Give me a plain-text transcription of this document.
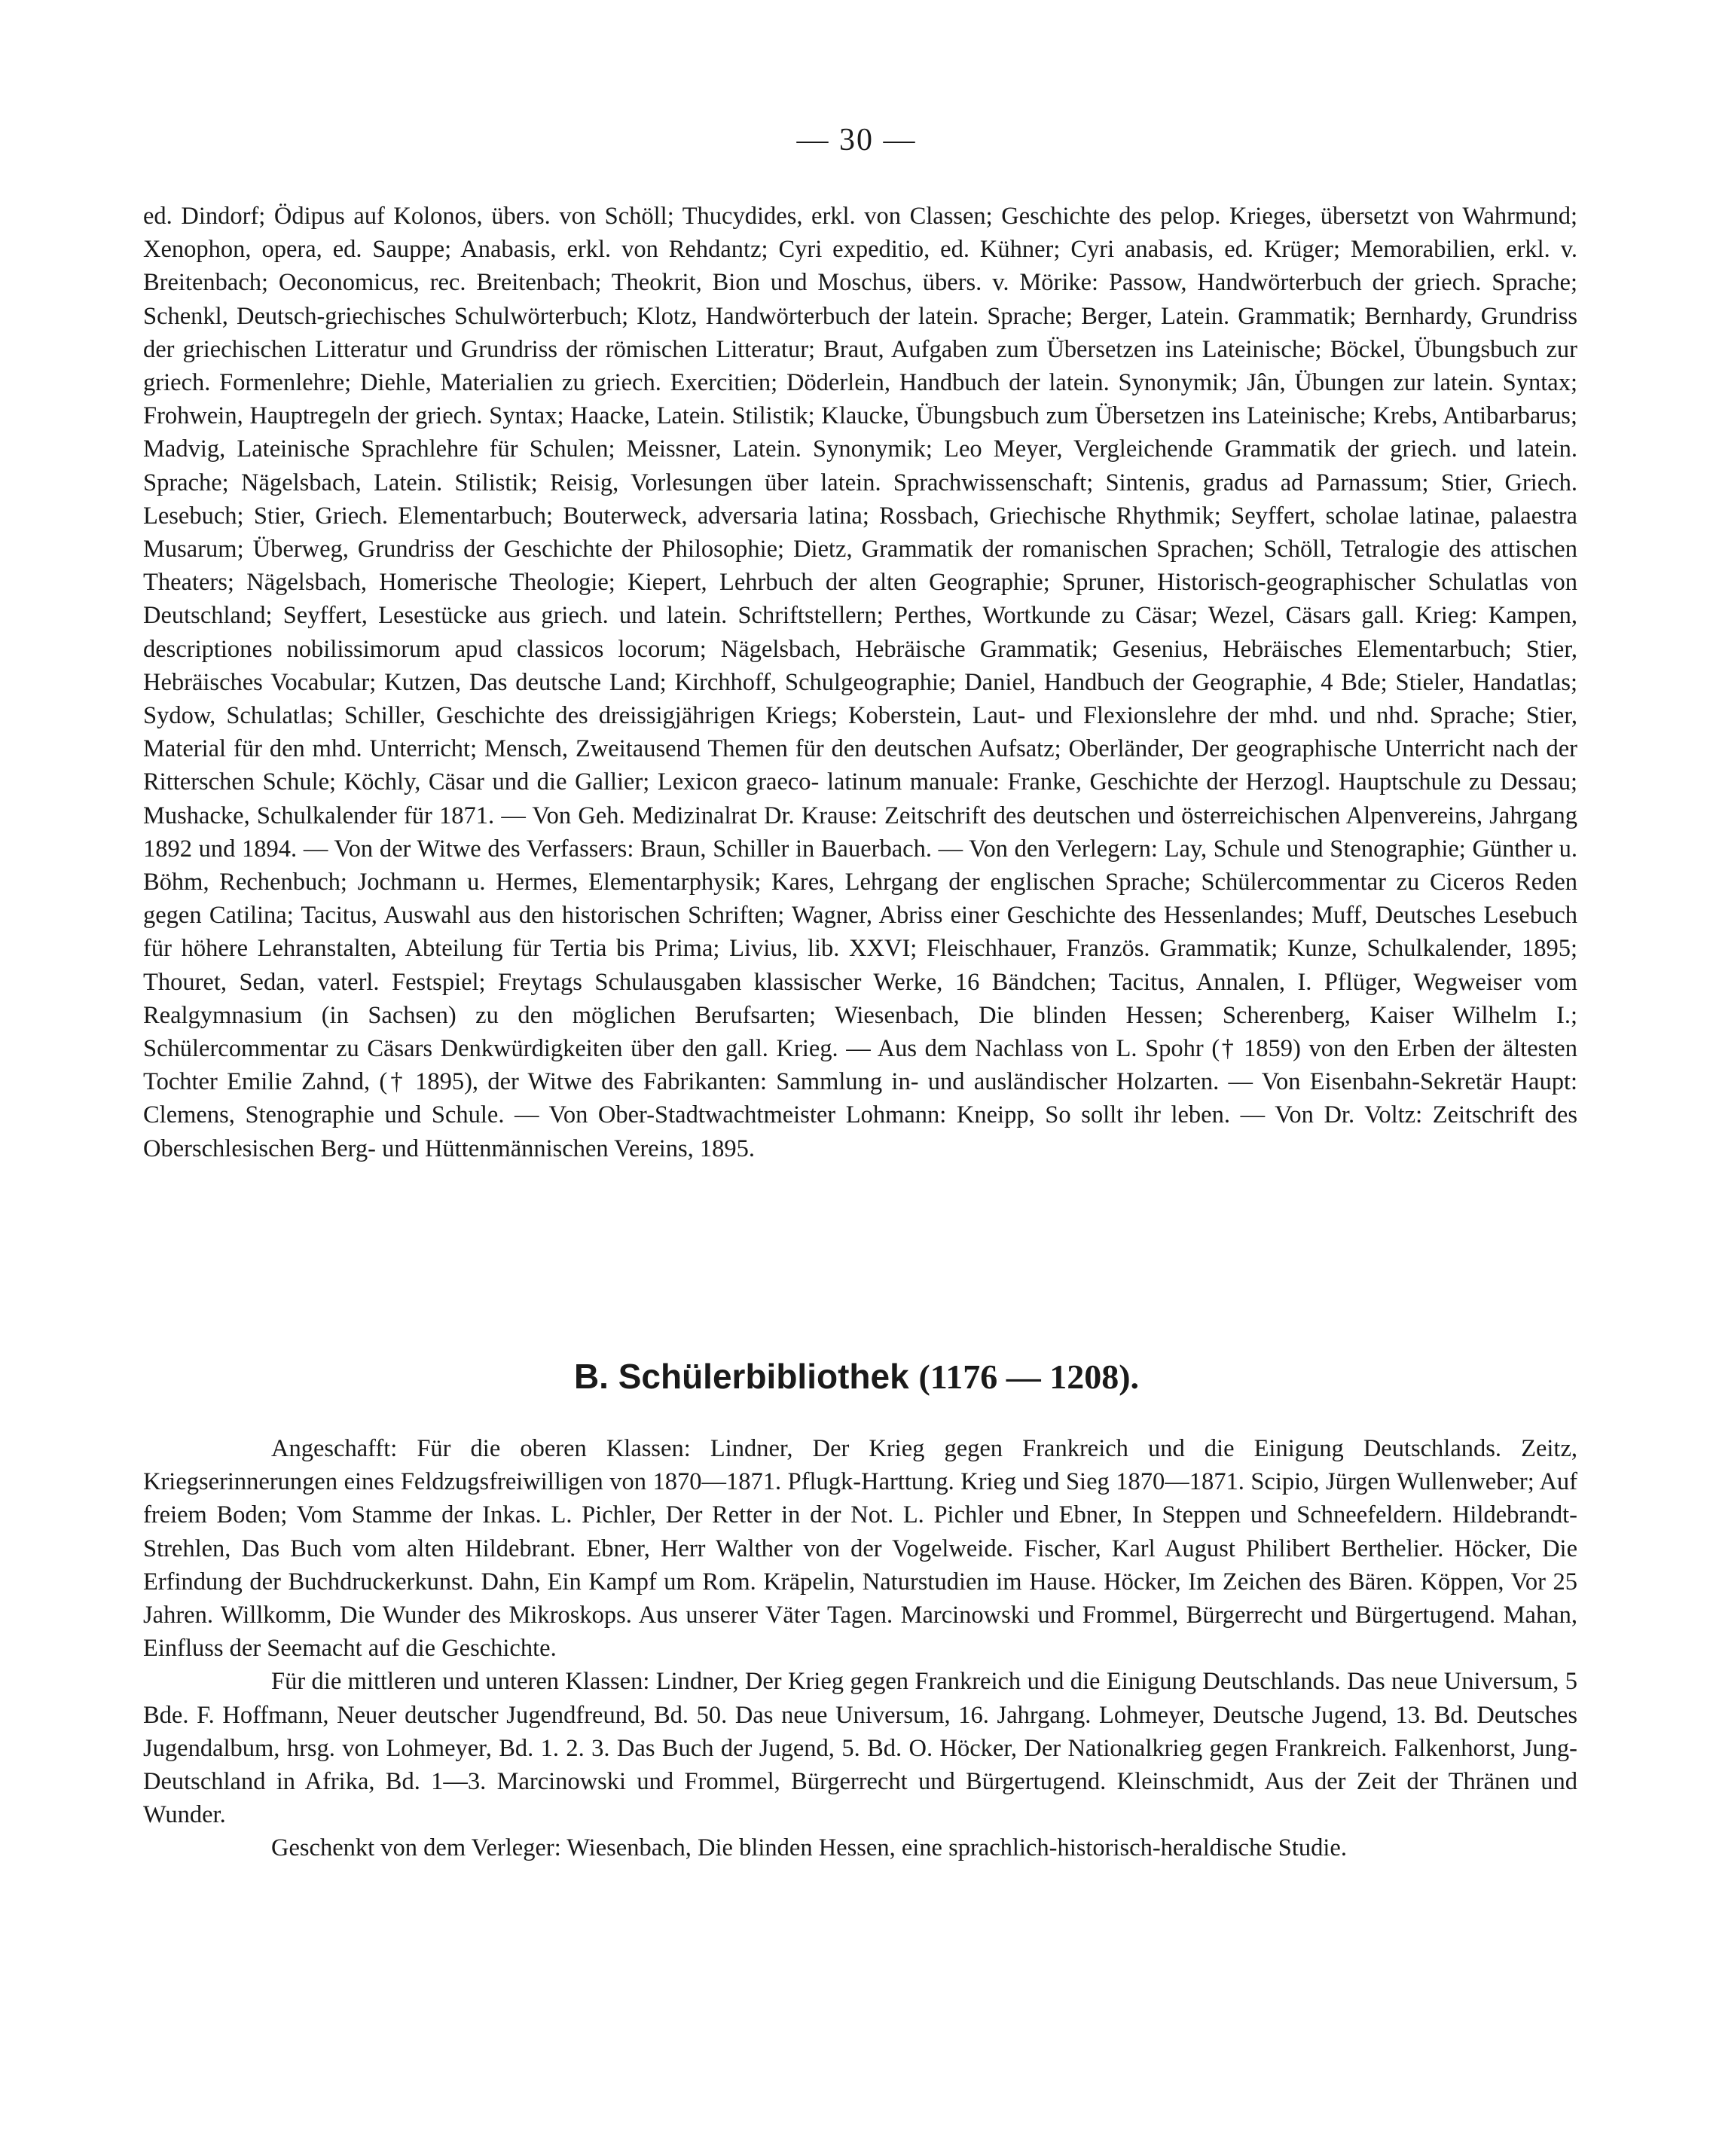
— 30 —

ed. Dindorf; Ödipus auf Kolonos, übers. von Schöll; Thucydides, erkl. von Classen; Geschichte des pelop. Krieges, übersetzt von Wahrmund; Xenophon, opera, ed. Sauppe; Anabasis, erkl. von Rehdantz; Cyri expeditio, ed. Kühner; Cyri anabasis, ed. Krüger; Memorabilien, erkl. v. Breitenbach; Oeconomicus, rec. Breitenbach; Theokrit, Bion und Moschus, übers. v. Mörike: Passow, Handwörterbuch der griech. Sprache; Schenkl, Deutsch-griechisches Schulwörterbuch; Klotz, Handwörterbuch der latein. Sprache; Berger, Latein. Grammatik; Bernhardy, Grundriss der griechischen Litteratur und Grundriss der römischen Litteratur; Braut, Aufgaben zum Übersetzen ins Lateinische; Böckel, Übungsbuch zur griech. Formenlehre; Diehle, Materialien zu griech. Exercitien; Döderlein, Handbuch der latein. Synonymik; Jân, Übungen zur latein. Syntax; Frohwein, Hauptregeln der griech. Syntax; Haacke, Latein. Stilistik; Klaucke, Übungsbuch zum Übersetzen ins Lateinische; Krebs, Antibarbarus; Madvig, Lateinische Sprachlehre für Schulen; Meissner, Latein. Synonymik; Leo Meyer, Vergleichende Grammatik der griech. und latein. Sprache; Nägelsbach, Latein. Stilistik; Reisig, Vorlesungen über latein. Sprachwissenschaft; Sintenis, gradus ad Parnassum; Stier, Griech. Lesebuch; Stier, Griech. Elementarbuch; Bouterweck, adversaria latina; Rossbach, Griechische Rhythmik; Seyffert, scholae latinae, palaestra Musarum; Überweg, Grundriss der Geschichte der Philosophie; Dietz, Grammatik der romanischen Sprachen; Schöll, Tetralogie des attischen Theaters; Nägelsbach, Homerische Theologie; Kiepert, Lehrbuch der alten Geographie; Spruner, Historisch-geographischer Schulatlas von Deutschland; Seyffert, Lesestücke aus griech. und latein. Schriftstellern; Perthes, Wortkunde zu Cäsar; Wezel, Cäsars gall. Krieg: Kampen, descriptiones nobilissimorum apud classicos locorum; Nägelsbach, Hebräische Grammatik; Gesenius, Hebräisches Elementarbuch; Stier, Hebräisches Vocabular; Kutzen, Das deutsche Land; Kirchhoff, Schulgeographie; Daniel, Handbuch der Geographie, 4 Bde; Stieler, Handatlas; Sydow, Schulatlas; Schiller, Geschichte des dreissigjährigen Kriegs; Koberstein, Laut- und Flexionslehre der mhd. und nhd. Sprache; Stier, Material für den mhd. Unterricht; Mensch, Zweitausend Themen für den deutschen Aufsatz; Oberländer, Der geographische Unterricht nach der Ritterschen Schule; Köchly, Cäsar und die Gallier; Lexicon graeco- latinum manuale: Franke, Geschichte der Herzogl. Hauptschule zu Dessau; Mushacke, Schulkalender für 1871. — Von Geh. Medizinalrat Dr. Krause: Zeitschrift des deutschen und österreichischen Alpenvereins, Jahrgang 1892 und 1894. — Von der Witwe des Verfassers: Braun, Schiller in Bauerbach. — Von den Verlegern: Lay, Schule und Stenographie; Günther u. Böhm, Rechenbuch; Jochmann u. Hermes, Elementarphysik; Kares, Lehrgang der englischen Sprache; Schülercommentar zu Ciceros Reden gegen Catilina; Tacitus, Auswahl aus den historischen Schriften; Wagner, Abriss einer Geschichte des Hessenlandes; Muff, Deutsches Lesebuch für höhere Lehranstalten, Abteilung für Tertia bis Prima; Livius, lib. XXVI; Fleischhauer, Französ. Grammatik; Kunze, Schulkalender, 1895; Thouret, Sedan, vaterl. Festspiel; Freytags Schulausgaben klassischer Werke, 16 Bändchen; Tacitus, Annalen, I. Pflüger, Wegweiser vom Realgymnasium (in Sachsen) zu den möglichen Berufsarten; Wiesenbach, Die blinden Hessen; Scherenberg, Kaiser Wilhelm I.; Schülercommentar zu Cäsars Denkwürdigkeiten über den gall. Krieg. — Aus dem Nachlass von L. Spohr († 1859) von den Erben der ältesten Tochter Emilie Zahnd, († 1895), der Witwe des Fabrikanten: Sammlung in- und ausländischer Holzarten. — Von Eisenbahn-Sekretär Haupt: Clemens, Stenographie und Schule. — Von Ober-Stadtwachtmeister Lohmann: Kneipp, So sollt ihr leben. — Von Dr. Voltz: Zeitschrift des Oberschlesischen Berg- und Hüttenmännischen Vereins, 1895.

B. Schülerbibliothek (1176 — 1208).

Angeschafft: Für die oberen Klassen: Lindner, Der Krieg gegen Frankreich und die Einigung Deutschlands. Zeitz, Kriegserinnerungen eines Feldzugsfreiwilligen von 1870—1871. Pflugk-Harttung. Krieg und Sieg 1870—1871. Scipio, Jürgen Wullenweber; Auf freiem Boden; Vom Stamme der Inkas. L. Pichler, Der Retter in der Not. L. Pichler und Ebner, In Steppen und Schneefeldern. Hildebrandt-Strehlen, Das Buch vom alten Hildebrant. Ebner, Herr Walther von der Vogelweide. Fischer, Karl August Philibert Berthelier. Höcker, Die Erfindung der Buchdruckerkunst. Dahn, Ein Kampf um Rom. Kräpelin, Naturstudien im Hause. Höcker, Im Zeichen des Bären. Köppen, Vor 25 Jahren. Willkomm, Die Wunder des Mikroskops. Aus unserer Väter Tagen. Marcinowski und Frommel, Bürgerrecht und Bürgertugend. Mahan, Einfluss der Seemacht auf die Geschichte.

Für die mittleren und unteren Klassen: Lindner, Der Krieg gegen Frankreich und die Einigung Deutschlands. Das neue Universum, 5 Bde. F. Hoffmann, Neuer deutscher Jugendfreund, Bd. 50. Das neue Universum, 16. Jahrgang. Lohmeyer, Deutsche Jugend, 13. Bd. Deutsches Jugendalbum, hrsg. von Lohmeyer, Bd. 1. 2. 3. Das Buch der Jugend, 5. Bd. O. Höcker, Der Nationalkrieg gegen Frankreich. Falkenhorst, Jung-Deutschland in Afrika, Bd. 1—3. Marcinowski und Frommel, Bürgerrecht und Bürgertugend. Kleinschmidt, Aus der Zeit der Thränen und Wunder.

Geschenkt von dem Verleger: Wiesenbach, Die blinden Hessen, eine sprachlich-historisch-heraldische Studie.
